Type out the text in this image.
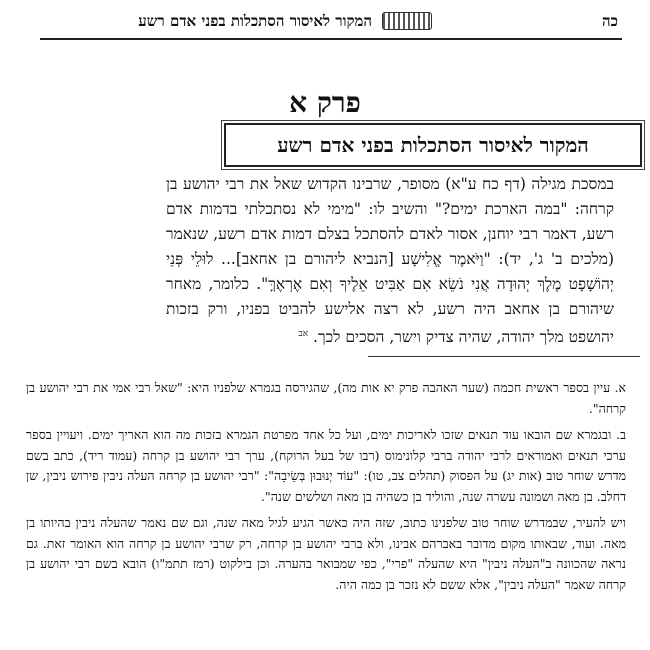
כה
המקור לאיסור הסתכלות בפני אדם רשע
פרק א
המקור לאיסור הסתכלות בפני אדם רשע

במסכת מגילה (דף כח ע"א) מסופר, שרבינו הקדוש שאל את רבי יהושע בן קרחה: "במה הארכת ימים?" והשיב לו: "מימי לא נסתכלתי בדמות אדם רשע, דאמר רבי יוחנן, אסור לאדם להסתכל בצלם דמות אדם רשע, שנאמר (מלכים ב' ג', יד): "וַיֹּאמֶר אֱלִישָׁע [הנביא ליהורם בן אחאב]... לוּלֵי פְּנֵי יְהוֹשָׁפָט מֶלֶךְ יְהוּדָה אֲנִי נֹשֵׂא אִם אַבִּיט אֵלֶיךָ וְאִם אֶרְאֶךָּ". כלומר, מאחר שיהורם בן אחאב היה רשע, לא רצה אלישע להביט בפניו, ורק בזכות יהושפט מלך יהודה, שהיה צדיק וישר, הסכים לכך. $^{אב}$

א. עיין בספר ראשית חכמה (שער האהבה פרק יא אות מה), שהגירסה בגמרא שלפניו היא: "שאל רבי אמי את רבי יהושע בן קרחה".

ב. ובגמרא שם הובאו עוד תנאים שזכו לאריכות ימים, ועל כל אחד מפרטת הגמרא בזכות מה הוא האריך ימים. ויעויין בספר ערכי תנאים ואמוראים לרבי יהודה ברבי קלונימוס (רבו של בעל הרוקח), ערך רבי יהושע בן קרחה (עמוד ריד), כתב בשם מדרש שוחר טוב (אות יג) על הפסוק (תהלים צב, טו): "עוֹד יְנוּבוּן בְּשֵׂיבָה": "רבי יהושע בן קרחה העלה ניבין פירוש ניבין, שן דחלב. בן מאה ושמונה עשרה שנה, והוליד בן כשהיה בן מאה ושלשים שנה".

ויש להעיר, שבמדרש שוחר טוב שלפנינו כתוב, שזה היה כאשר הגיע לגיל מאה שנה, וגם שם נאמר שהעלה ניבין בהיותו בן מאה. ועוד, שבאותו מקום מדובר באברהם אבינו, ולא ברבי יהושע בן קרחה, רק שרבי יהושע בן קרחה הוא האומר זאת. גם נראה שהכוונה ב"העלה ניבין" היא שהעלה "פרי", כפי שמבואר בהערה. וכן בילקוט (רמז תתמ"ו) הובא בשם רבי יהושע בן קרחה שאמר "העלה ניבין", אלא ששם לא נזכר בן כמה היה.
